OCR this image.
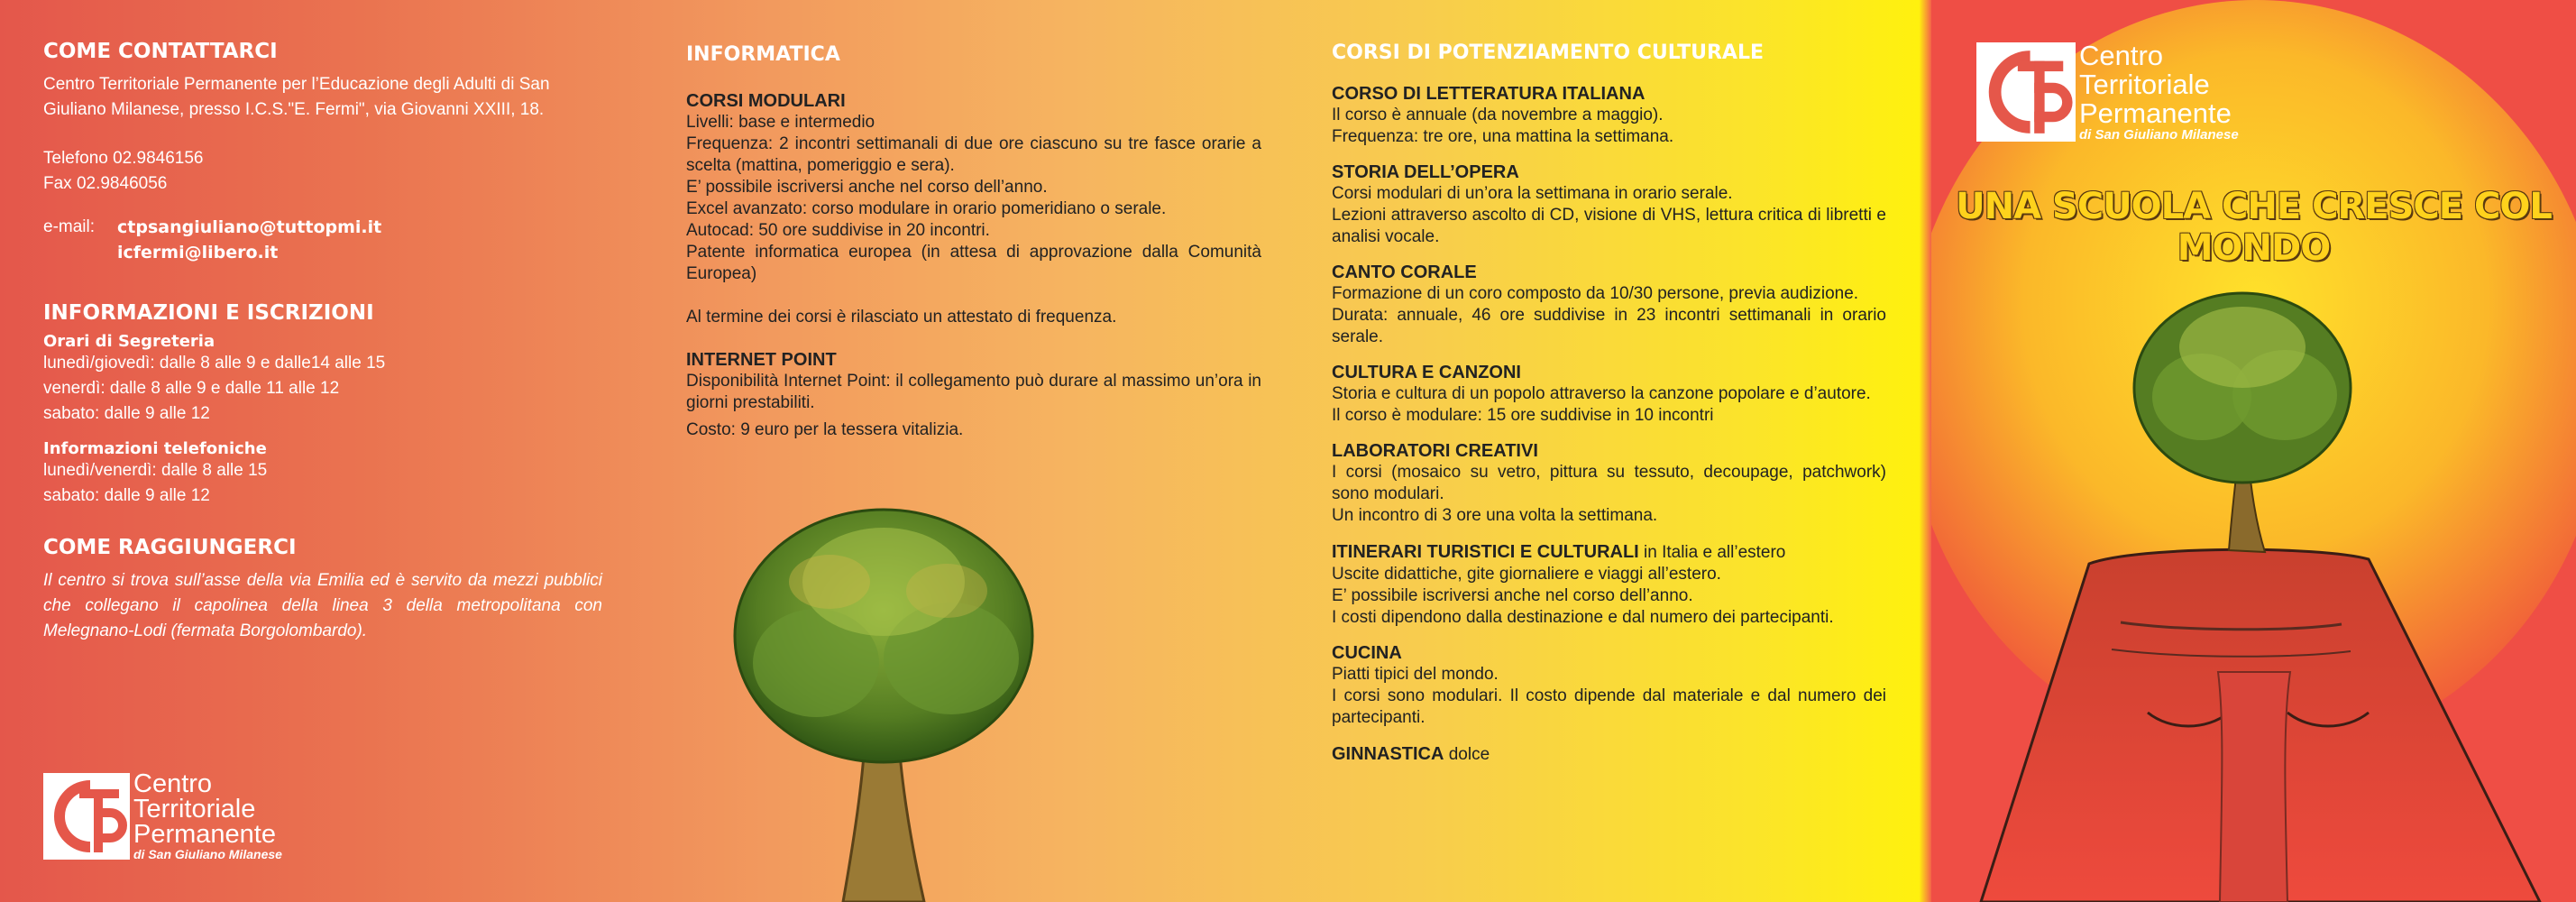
COME CONTATTARCI

Centro Territoriale Permanente per l’Educazione degli Adulti di San Giuliano Milanese, presso I.C.S."E. Fermi", via Giovanni XXIII, 18.

Telefono 02.9846156

Fax 02.9846056

e-mail:	ctpsangiuliano@tuttopmi.it
icfermi@libero.it
INFORMAZIONI E ISCRIZIONI
Orari di Segreteria
lunedì/giovedì: dalle 8 alle 9 e dalle14 alle 15
venerdì: dalle 8 alle 9 e dalle 11 alle 12
sabato: dalle 9 alle 12
Informazioni telefoniche
lunedì/venerdì: dalle 8 alle 15
sabato: dalle 9 alle 12
COME RAGGIUNGERCI

Il centro si trova sull’asse della via Emilia ed è servito da mezzi pubblici che collegano il capolinea della linea 3 della metropolitana con Melegnano-Lodi (fermata Borgolombardo).

Centro
Territoriale
Permanente
di San Giuliano Milanese
INFORMATICA
CORSI MODULARI

Livelli: base e intermedio

Frequenza: 2 incontri settimanali di due ore ciascuno su tre fasce orarie a scelta (mattina, pomeriggio e sera).

E’ possibile iscriversi anche nel corso dell’anno.

Excel avanzato: corso modulare in orario pomeridiano o serale.

Autocad: 50 ore suddivise in 20 incontri.

Patente informatica europea (in attesa di approvazione dalla Comunità Europea)

Al termine dei corsi è rilasciato un attestato di frequenza.

INTERNET POINT

Disponibilità Internet Point: il collegamento può durare al massimo un’ora in giorni prestabiliti.

Costo: 9 euro per la tessera vitalizia.

CORSI DI POTENZIAMENTO CULTURALE
CORSO DI LETTERATURA ITALIANA

Il corso è annuale (da novembre a maggio).

Frequenza: tre ore, una mattina la settimana.

STORIA DELL’OPERA

Corsi modulari di un’ora la settimana in orario serale.

Lezioni attraverso ascolto di CD, visione di VHS, lettura critica di libretti e analisi vocale.

CANTO CORALE

Formazione di un coro composto da 10/30 persone, previa audizione.

Durata: annuale, 46 ore suddivise in 23 incontri settimanali in orario serale.

CULTURA E CANZONI

Storia e cultura di un popolo attraverso la canzone popolare e d’autore.

Il corso è modulare: 15 ore suddivise in 10 incontri

LABORATORI CREATIVI

I corsi (mosaico su vetro, pittura su tessuto, decoupage, patchwork) sono modulari.

Un incontro di 3 ore una volta la settimana.

ITINERARI TURISTICI E CULTURALI in Italia e all’estero

Uscite didattiche, gite giornaliere e viaggi all’estero.

E’ possibile iscriversi anche nel corso dell’anno.

I costi dipendono dalla destinazione e dal numero dei partecipanti.

CUCINA

Piatti tipici del mondo.

I corsi sono modulari. Il costo dipende dal materiale e dal numero dei partecipanti.

GINNASTICA dolce

Centro
Territoriale
Permanente
di San Giuliano Milanese
UNA SCUOLA CHE CRESCE COL MONDO
